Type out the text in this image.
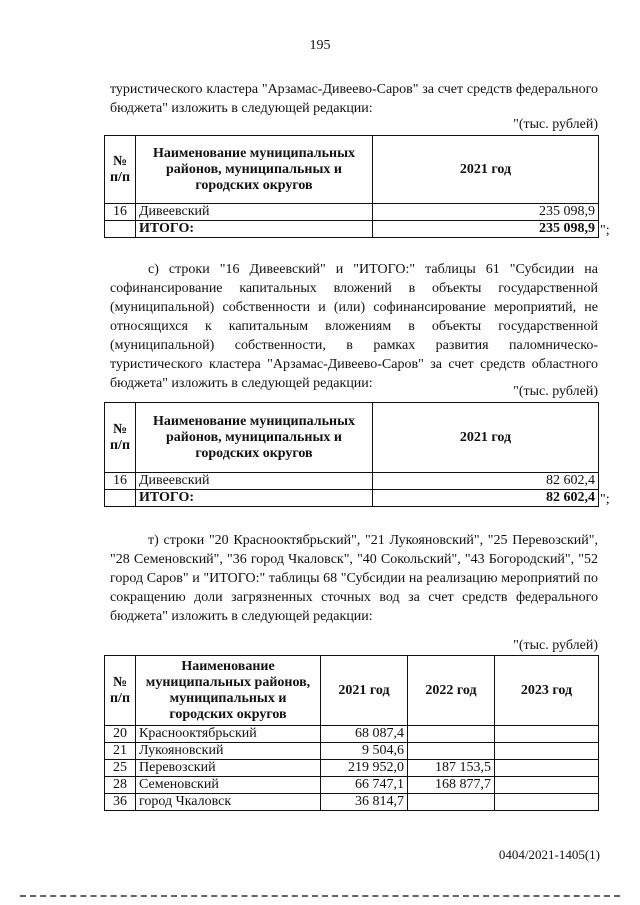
195

туристического кластера "Арзамас-Дивеево-Саров" за счет средств федерального бюджета" изложить в следующей редакции:

"(тыс. рублей)
№ п/п	Наименование муниципальных районов, муниципальных и городских округов	2021 год
16	Дивеевский	235 098,9
	ИТОГО:	235 098,9 ";

с) строки "16 Дивеевский" и "ИТОГО:" таблицы 61 "Субсидии на софинансирование капитальных вложений в объекты государственной (муниципальной) собственности и (или) софинансирование мероприятий, не относящихся к капитальным вложениям в объекты государственной (муниципальной) собственности, в рамках развития паломническо-туристического кластера "Арзамас-Дивеево-Саров" за счет средств областного бюджета" изложить в следующей редакции:

"(тыс. рублей)
№ п/п	Наименование муниципальных районов, муниципальных и городских округов	2021 год
16	Дивеевский	82 602,4
	ИТОГО:	82 602,4 ";

т) строки "20 Краснооктябрьский", "21 Лукояновский", "25 Перевозский", "28 Семеновский", "36 город Чкаловск", "40 Сокольский", "43 Богородский", "52 город Саров" и "ИТОГО:" таблицы 68 "Субсидии на реализацию мероприятий по сокращению доли загрязненных сточных вод за счет средств федерального бюджета" изложить в следующей редакции:

"(тыс. рублей)
№ п/п	Наименование муниципальных районов, муниципальных и городских округов	2021 год	2022 год	2023 год
20	Краснооктябрьский	68 087,4		
21	Лукояновский	9 504,6		
25	Перевозский	219 952,0	187 153,5	
28	Семеновский	66 747,1	168 877,7	
36	город Чкаловск	36 814,7		
0404/2021-1405(1)
